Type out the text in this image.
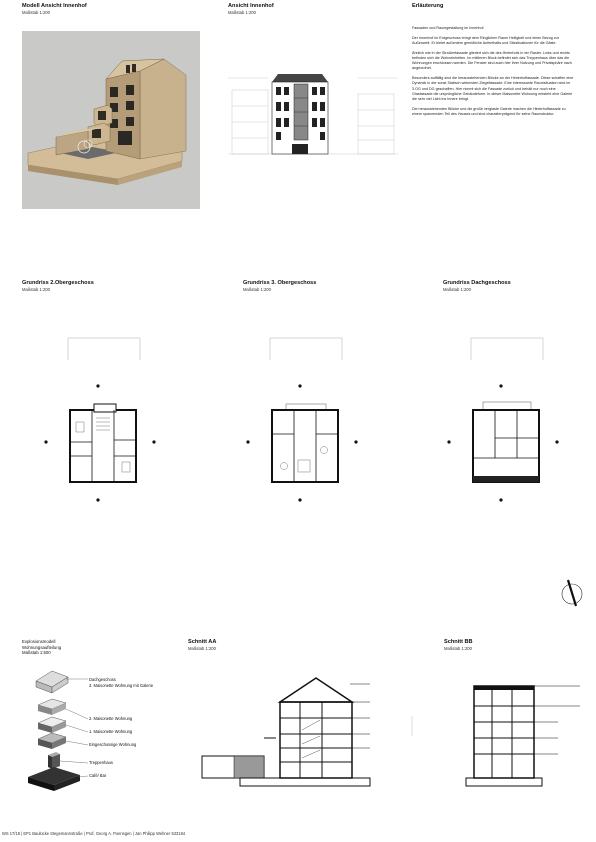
Modell Ansicht Innenhof
Maßstab 1:200
Ansicht Innenhof
Maßstab 1:200
Erläuterung

Fassaden und Raumgestaltung im Innenhof

Der Innenhof im Erdgeschoss bringt dem Ringlichen Raum Helligkeit und einen Bezug zur Außenwelt. Er bietet außerdem gemütliche Aufenthalts und Sitzsituationen für die Gäste.

Ähnlich wie in der Straßenfassade gliedert sich die des Hinterhofs in ein Raster. Links und rechts befinden sich die Wohneinheiten. Im mittleren Block befindet sich das Treppenhaus über das die Wohnungen erschlossen werden. Die Fenster sind auch hier ihrer Nutzung und Privatsphäre nach angeordnet.

Besonders auffällig sind die herausstehenden Blöcke an der Hinterhoffassade. Diese schaffen eine Dynamik in der sonst Statisch wirkenden Ziegelfassade. Eine interessante Raumsituation wird im 3.OG und DG geschaffen. Hier nimmt sich die Fassade zurück und behält nur noch eine Glasfassade die ursprüngliche Gebäudeform. In dieser Maisonette Wohnung entsteht eine Galerie die sehr viel Licht ins Innere bringt.

Die herausstehenden Blöcke und die große verglaste Galerie machen die Hinterhoffassade zu einem spannenden Teil des Hauses und sind charakterprägend für seine Raumstruktur.

Grundriss 2.Obergeschoss
Maßstab 1:200
Grundriss 3. Obergeschoss
Maßstab 1:200
Grundriss Dachgeschoss
Maßstab 1:200
Explosionsmodell
Wohnungsaufteilung
Maßstab 1:500
Dachgeschoss
3. Maisonette Wohnung mit Galerie
2. Maisonette Wohnung
1. Maisonette Wohnung
Eingeschossige Wohnung
Treppenhaus
Café/ Bar
Schnitt AA
Maßstab 1:200
Schnitt BB
Maßstab 1:200
WS 17/18 | EP1 Baulücke Stegemannstraße | Prof. Georg A. Poensgen | Jan Philipp Wehner 533184
